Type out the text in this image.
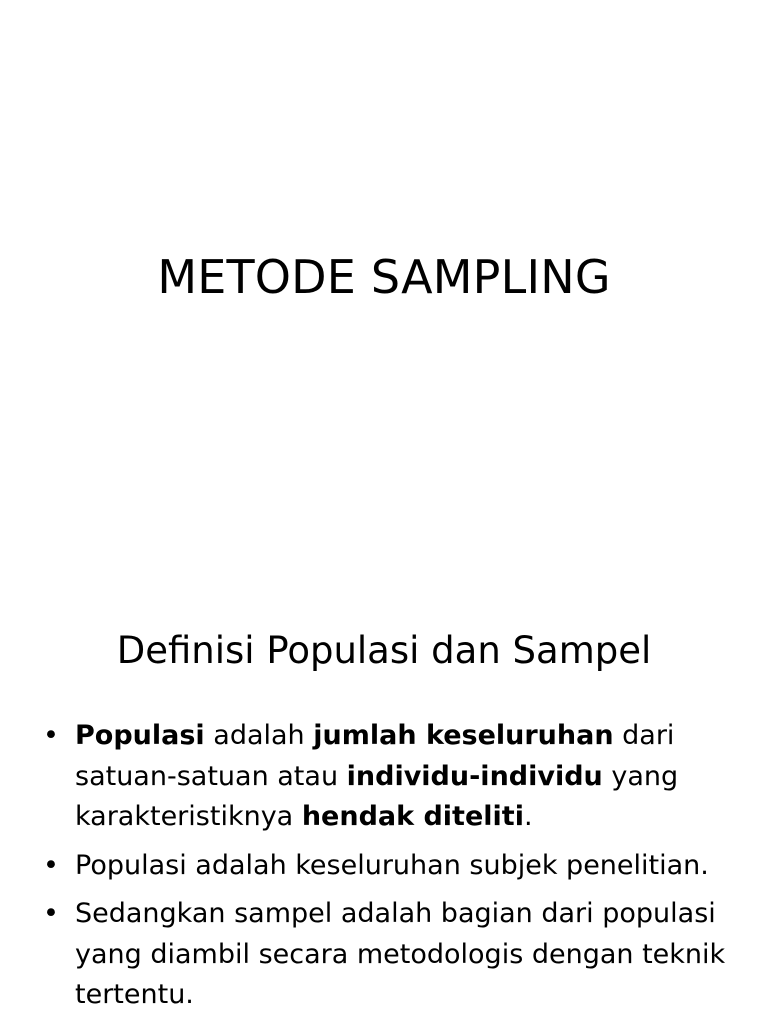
METODE SAMPLING
Definisi Populasi dan Sampel
• Populasi adalah jumlah keseluruhan dari satuan-satuan atau individu-individu yang karakteristiknya hendak diteliti.
• Populasi adalah keseluruhan subjek penelitian.
• Sedangkan sampel adalah bagian dari populasi yang diambil secara metodologis dengan teknik tertentu.
